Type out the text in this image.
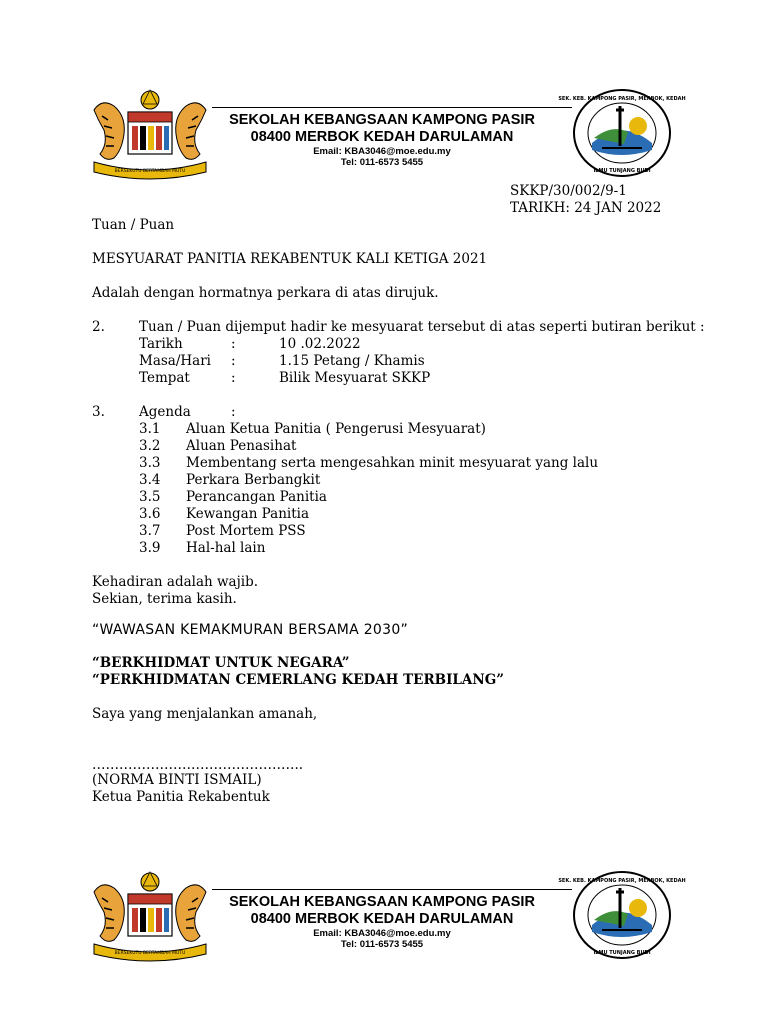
BERSEKUTU BERTAMBAH MUTU
SEKOLAH KEBANGSAAN KAMPONG PASIR
08400 MERBOK KEDAH DARULAMAN
Email: KBA3046@moe.edu.my
Tel: 011-6573 5455
SEK. KEB. KAMPONG PASIR, MERBOK, KEDAH
ILMU TUNJANG BUDI
SKKP/30/002/9-1
TARIKH: 24 JAN 2022
Tuan / Puan
MESYUARAT PANITIA REKABENTUK KALI KETIGA 2021
Adalah dengan hormatnya perkara di atas dirujuk.
2.	Tuan / Puan dijemput hadir ke mesyuarat tersebut di atas seperti butiran berikut :
Tarikh	:	10 .02.2022
Masa/Hari :	1.15 Petang / Khamis
Tempat	:	Bilik Mesyuarat SKKP
3.	Agenda	:
3.1 Aluan Ketua Panitia ( Pengerusi Mesyuarat)
3.2 Aluan Penasihat
3.3 Membentang serta mengesahkan minit mesyuarat yang lalu
3.4 Perkara Berbangkit
3.5 Perancangan Panitia
3.6 Kewangan Panitia
3.7 Post Mortem PSS
3.9 Hal-hal lain
Kehadiran adalah wajib.
Sekian, terima kasih.
“WAWASAN KEMAKMURAN BERSAMA 2030”
“BERKHIDMAT UNTUK NEGARA”
“PERKHIDMATAN CEMERLANG KEDAH TERBILANG”
Saya yang menjalankan amanah,
………………………………………..
(NORMA BINTI ISMAIL)
Ketua Panitia Rekabentuk
BERSEKUTU BERTAMBAH MUTU
SEKOLAH KEBANGSAAN KAMPONG PASIR
08400 MERBOK KEDAH DARULAMAN
Email: KBA3046@moe.edu.my
Tel: 011-6573 5455
SEK. KEB. KAMPONG PASIR, MERBOK, KEDAH
ILMU TUNJANG BUDI
